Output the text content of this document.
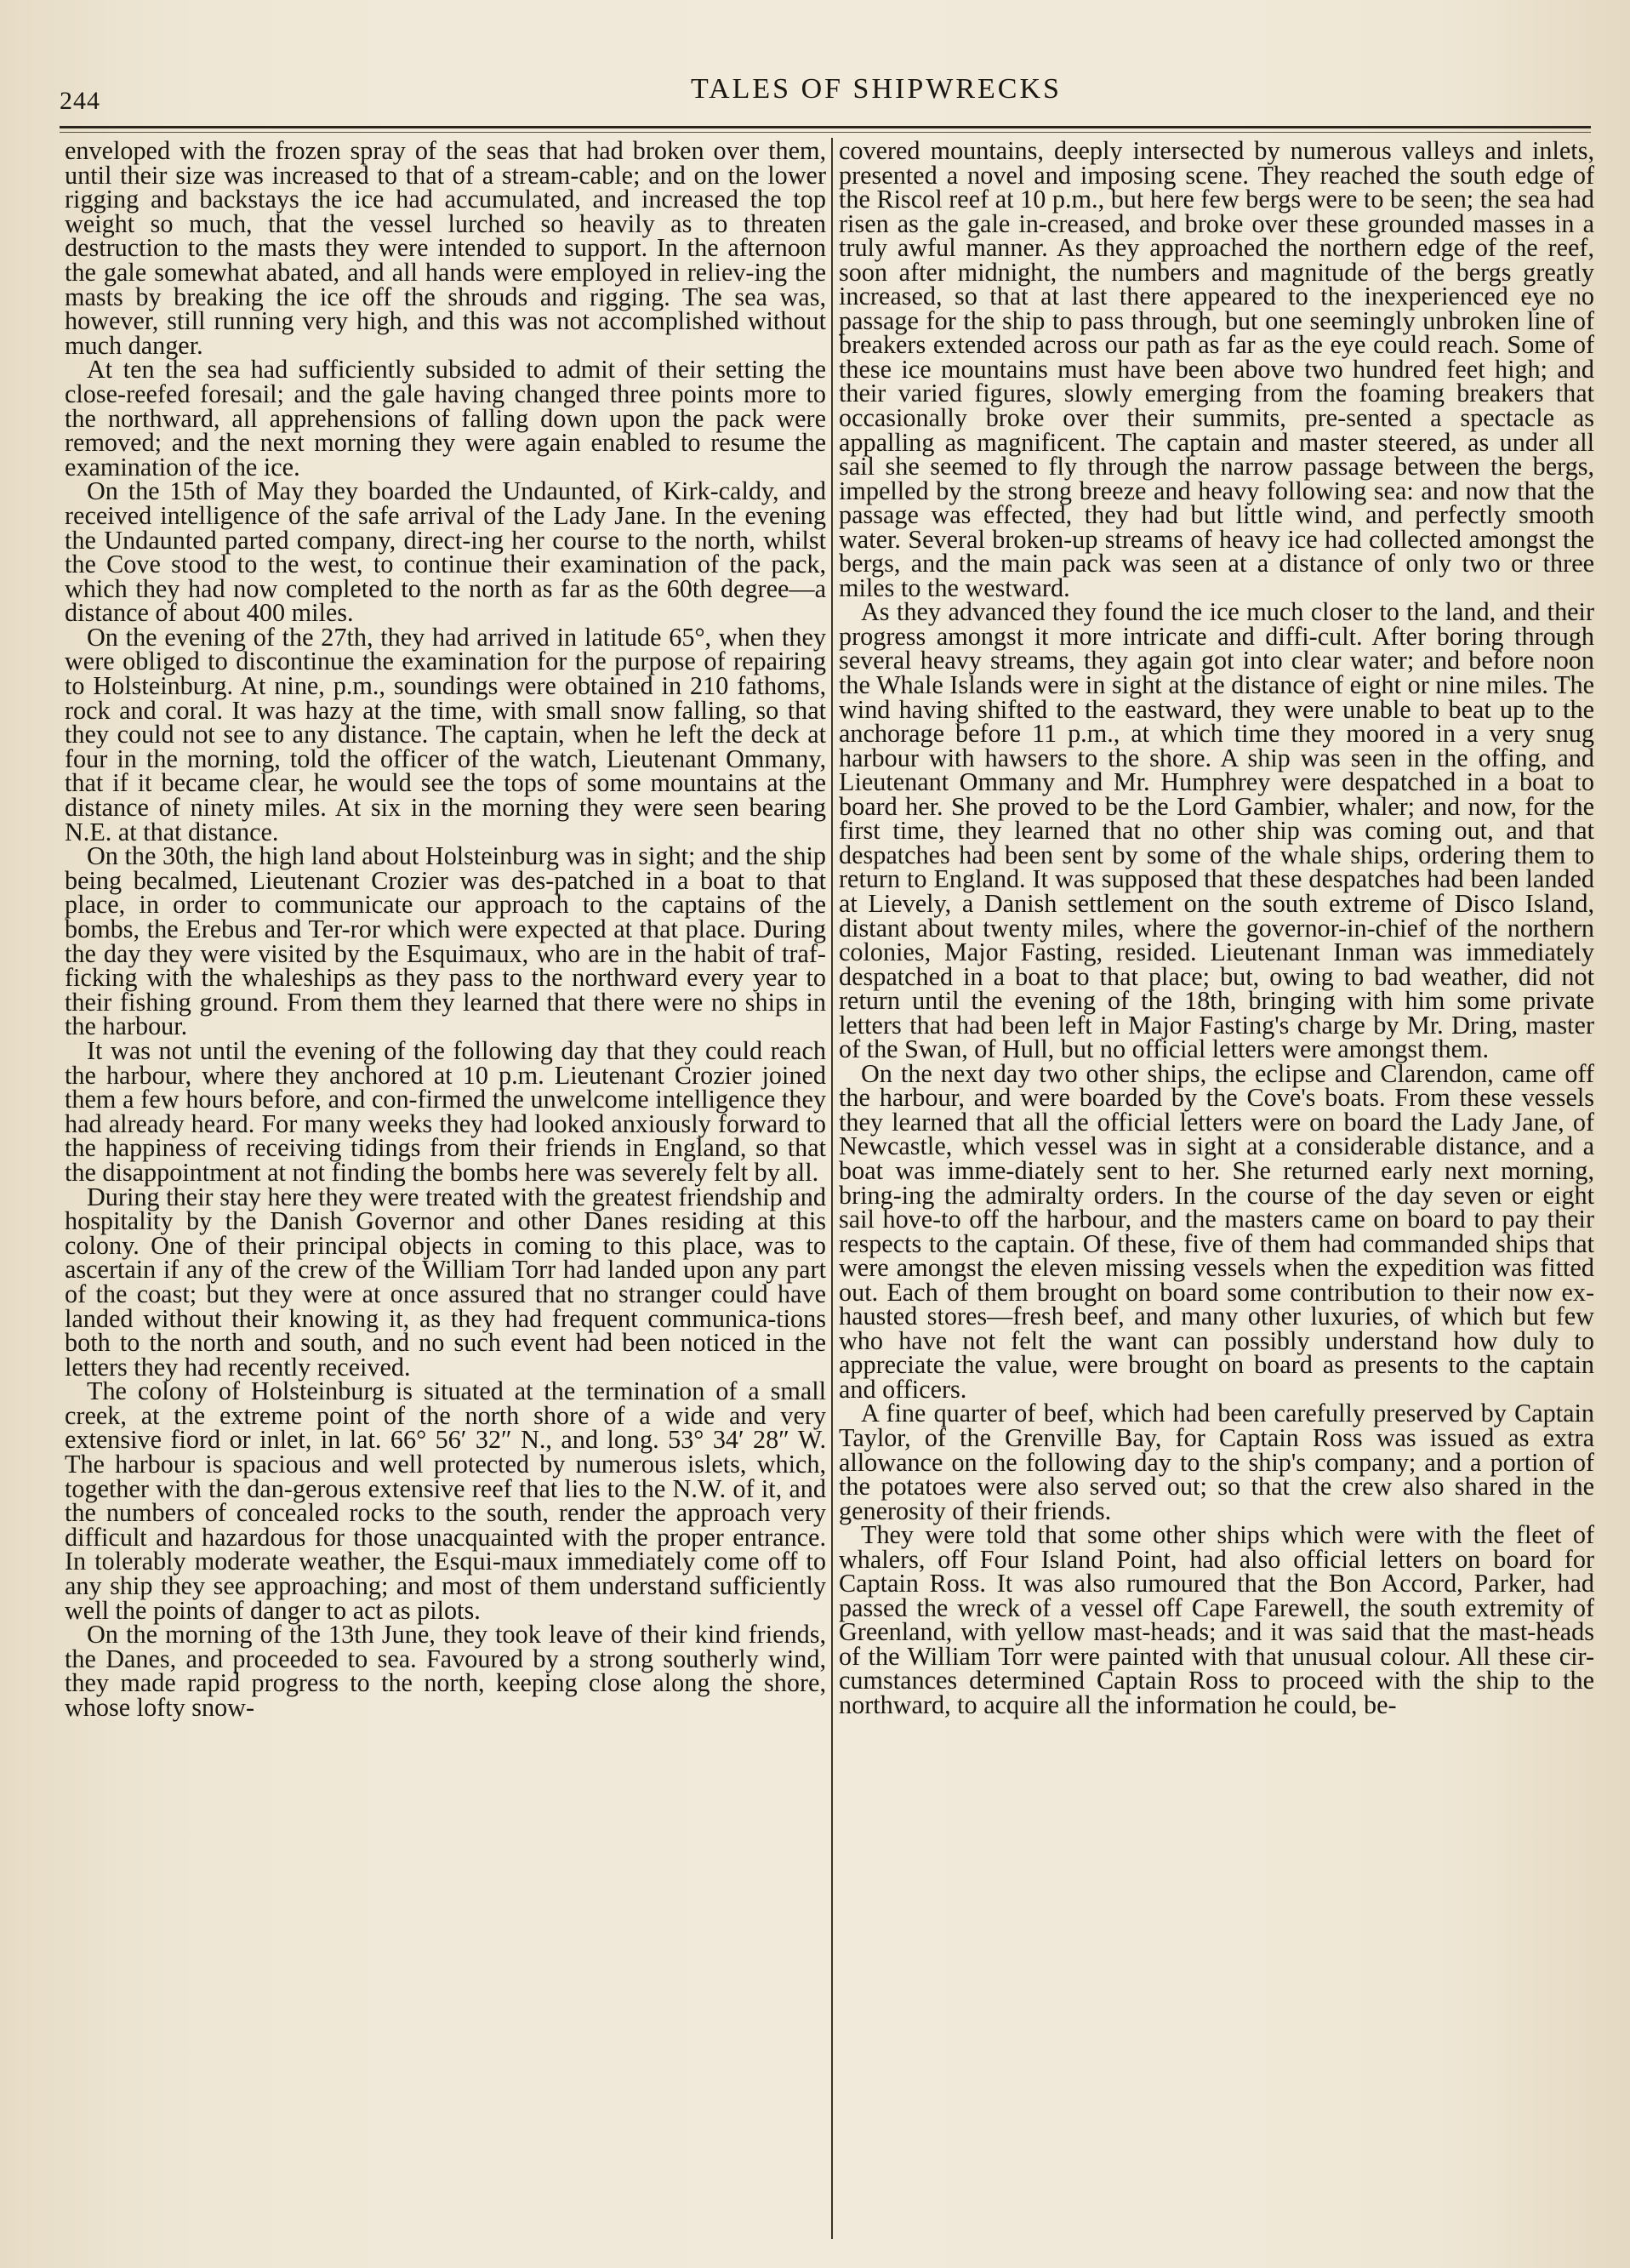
244	TALES OF SHIPWRECKS

enveloped with the frozen spray of the seas that had broken over them, until their size was increased to that of a stream-cable; and on the lower rigging and backstays the ice had accumulated, and increased the top weight so much, that the vessel lurched so heavily as to threaten destruction to the masts they were intended to support. In the afternoon the gale somewhat abated, and all hands were employed in reliev-ing the masts by breaking the ice off the shrouds and rigging. The sea was, however, still running very high, and this was not accomplished without much danger.

At ten the sea had sufficiently subsided to admit of their setting the close-reefed foresail; and the gale having changed three points more to the northward, all apprehensions of falling down upon the pack were removed; and the next morning they were again enabled to resume the examination of the ice.

On the 15th of May they boarded the Undaunted, of Kirk-caldy, and received intelligence of the safe arrival of the Lady Jane. In the evening the Undaunted parted company, direct-ing her course to the north, whilst the Cove stood to the west, to continue their examination of the pack, which they had now completed to the north as far as the 60th degree—a distance of about 400 miles.

On the evening of the 27th, they had arrived in latitude 65°, when they were obliged to discontinue the examination for the purpose of repairing to Holsteinburg. At nine, p.m., soundings were obtained in 210 fathoms, rock and coral. It was hazy at the time, with small snow falling, so that they could not see to any distance. The captain, when he left the deck at four in the morning, told the officer of the watch, Lieutenant Ommany, that if it became clear, he would see the tops of some mountains at the distance of ninety miles. At six in the morning they were seen bearing N.E. at that distance.

On the 30th, the high land about Holsteinburg was in sight; and the ship being becalmed, Lieutenant Crozier was des-patched in a boat to that place, in order to communicate our approach to the captains of the bombs, the Erebus and Ter-ror which were expected at that place. During the day they were visited by the Esquimaux, who are in the habit of traf-ficking with the whaleships as they pass to the northward every year to their fishing ground. From them they learned that there were no ships in the harbour.

It was not until the evening of the following day that they could reach the harbour, where they anchored at 10 p.m. Lieutenant Crozier joined them a few hours before, and con-firmed the unwelcome intelligence they had already heard. For many weeks they had looked anxiously forward to the happiness of receiving tidings from their friends in England, so that the disappointment at not finding the bombs here was severely felt by all.

During their stay here they were treated with the greatest friendship and hospitality by the Danish Governor and other Danes residing at this colony. One of their principal objects in coming to this place, was to ascertain if any of the crew of the William Torr had landed upon any part of the coast; but they were at once assured that no stranger could have landed without their knowing it, as they had frequent communica-tions both to the north and south, and no such event had been noticed in the letters they had recently received.

The colony of Holsteinburg is situated at the termination of a small creek, at the extreme point of the north shore of a wide and very extensive fiord or inlet, in lat. 66° 56′ 32″ N., and long. 53° 34′ 28″ W. The harbour is spacious and well protected by numerous islets, which, together with the dan-gerous extensive reef that lies to the N.W. of it, and the numbers of concealed rocks to the south, render the approach very difficult and hazardous for those unacquainted with the proper entrance. In tolerably moderate weather, the Esqui-maux immediately come off to any ship they see approaching; and most of them understand sufficiently well the points of danger to act as pilots.

On the morning of the 13th June, they took leave of their kind friends, the Danes, and proceeded to sea. Favoured by a strong southerly wind, they made rapid progress to the north, keeping close along the shore, whose lofty snow-

covered mountains, deeply intersected by numerous valleys and inlets, presented a novel and imposing scene. They reached the south edge of the Riscol reef at 10 p.m., but here few bergs were to be seen; the sea had risen as the gale in-creased, and broke over these grounded masses in a truly awful manner. As they approached the northern edge of the reef, soon after midnight, the numbers and magnitude of the bergs greatly increased, so that at last there appeared to the inexperienced eye no passage for the ship to pass through, but one seemingly unbroken line of breakers extended across our path as far as the eye could reach. Some of these ice mountains must have been above two hundred feet high; and their varied figures, slowly emerging from the foaming breakers that occasionally broke over their summits, pre-sented a spectacle as appalling as magnificent. The captain and master steered, as under all sail she seemed to fly through the narrow passage between the bergs, impelled by the strong breeze and heavy following sea: and now that the passage was effected, they had but little wind, and perfectly smooth water. Several broken-up streams of heavy ice had collected amongst the bergs, and the main pack was seen at a distance of only two or three miles to the westward.

As they advanced they found the ice much closer to the land, and their progress amongst it more intricate and diffi-cult. After boring through several heavy streams, they again got into clear water; and before noon the Whale Islands were in sight at the distance of eight or nine miles. The wind having shifted to the eastward, they were unable to beat up to the anchorage before 11 p.m., at which time they moored in a very snug harbour with hawsers to the shore. A ship was seen in the offing, and Lieutenant Ommany and Mr. Humphrey were despatched in a boat to board her. She proved to be the Lord Gambier, whaler; and now, for the first time, they learned that no other ship was coming out, and that despatches had been sent by some of the whale ships, ordering them to return to England. It was supposed that these despatches had been landed at Lievely, a Danish settlement on the south extreme of Disco Island, distant about twenty miles, where the governor-in-chief of the northern colonies, Major Fasting, resided. Lieutenant Inman was immediately despatched in a boat to that place; but, owing to bad weather, did not return until the evening of the 18th, bringing with him some private letters that had been left in Major Fasting's charge by Mr. Dring, master of the Swan, of Hull, but no official letters were amongst them.

On the next day two other ships, the eclipse and Clarendon, came off the harbour, and were boarded by the Cove's boats. From these vessels they learned that all the official letters were on board the Lady Jane, of Newcastle, which vessel was in sight at a considerable distance, and a boat was imme-diately sent to her. She returned early next morning, bring-ing the admiralty orders. In the course of the day seven or eight sail hove-to off the harbour, and the masters came on board to pay their respects to the captain. Of these, five of them had commanded ships that were amongst the eleven missing vessels when the expedition was fitted out. Each of them brought on board some contribution to their now ex-hausted stores—fresh beef, and many other luxuries, of which but few who have not felt the want can possibly understand how duly to appreciate the value, were brought on board as presents to the captain and officers.

A fine quarter of beef, which had been carefully preserved by Captain Taylor, of the Grenville Bay, for Captain Ross was issued as extra allowance on the following day to the ship's company; and a portion of the potatoes were also served out; so that the crew also shared in the generosity of their friends.

They were told that some other ships which were with the fleet of whalers, off Four Island Point, had also official letters on board for Captain Ross. It was also rumoured that the Bon Accord, Parker, had passed the wreck of a vessel off Cape Farewell, the south extremity of Greenland, with yellow mast-heads; and it was said that the mast-heads of the William Torr were painted with that unusual colour. All these cir-cumstances determined Captain Ross to proceed with the ship to the northward, to acquire all the information he could, be-
